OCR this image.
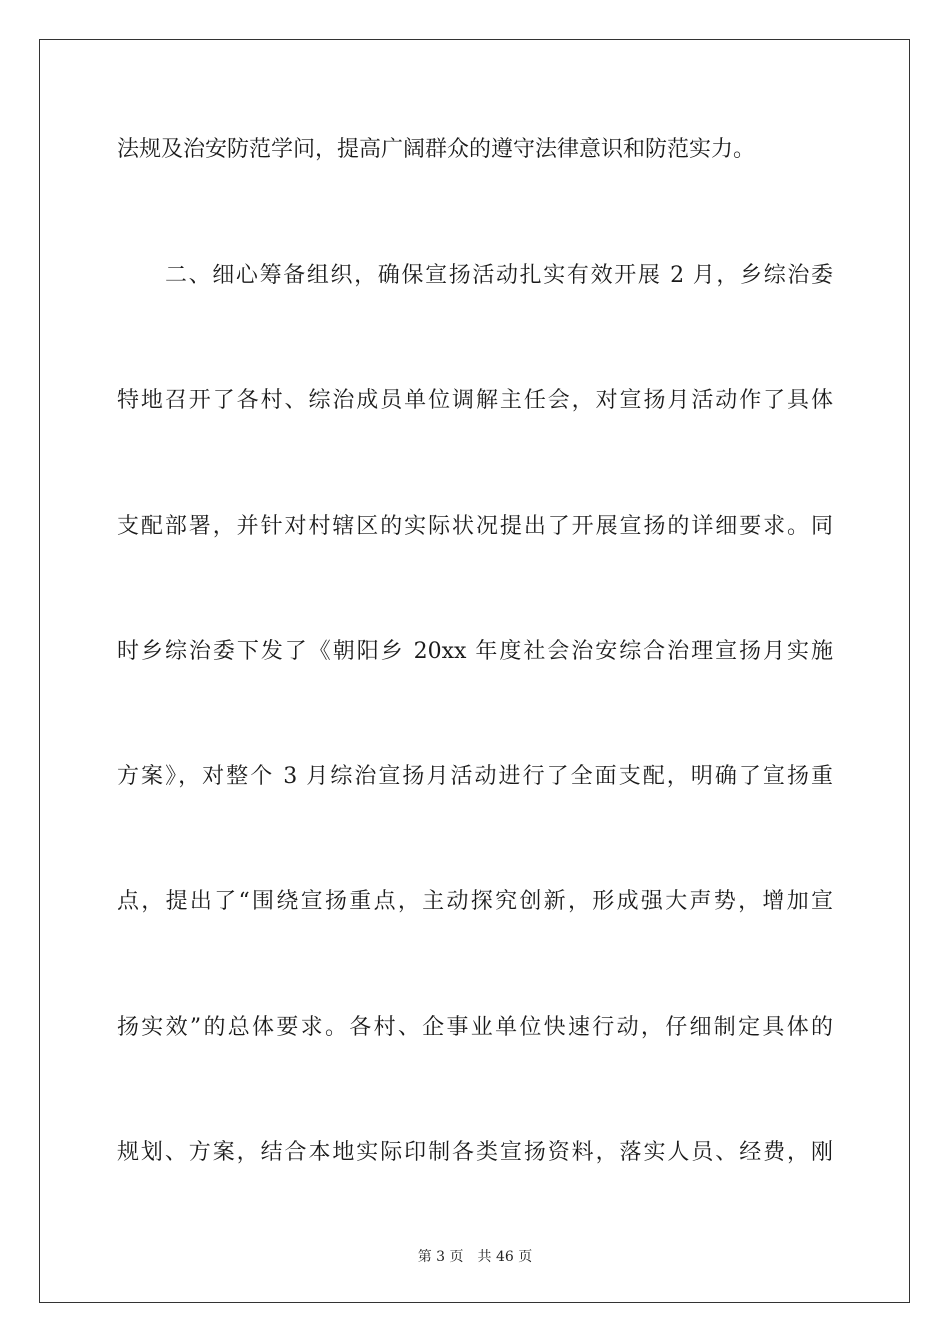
法规及治安防范学问，提高广阔群众的遵守法律意识和防范实力。
二、细心筹备组织，确保宣扬活动扎实有效开展 2 月，乡综治委
特地召开了各村、综治成员单位调解主任会，对宣扬月活动作了具体
支配部署，并针对村辖区的实际状况提出了开展宣扬的详细要求。同
时乡综治委下发了《朝阳乡 20xx 年度社会治安综合治理宣扬月实施
方案》，对整个 3 月综治宣扬月活动进行了全面支配，明确了宣扬重
点，提出了“围绕宣扬重点，主动探究创新，形成强大声势，增加宣
扬实效”的总体要求。各村、企事业单位快速行动，仔细制定具体的
规划、方案，结合本地实际印制各类宣扬资料，落实人员、经费，刚
第 3 页 共 46 页
